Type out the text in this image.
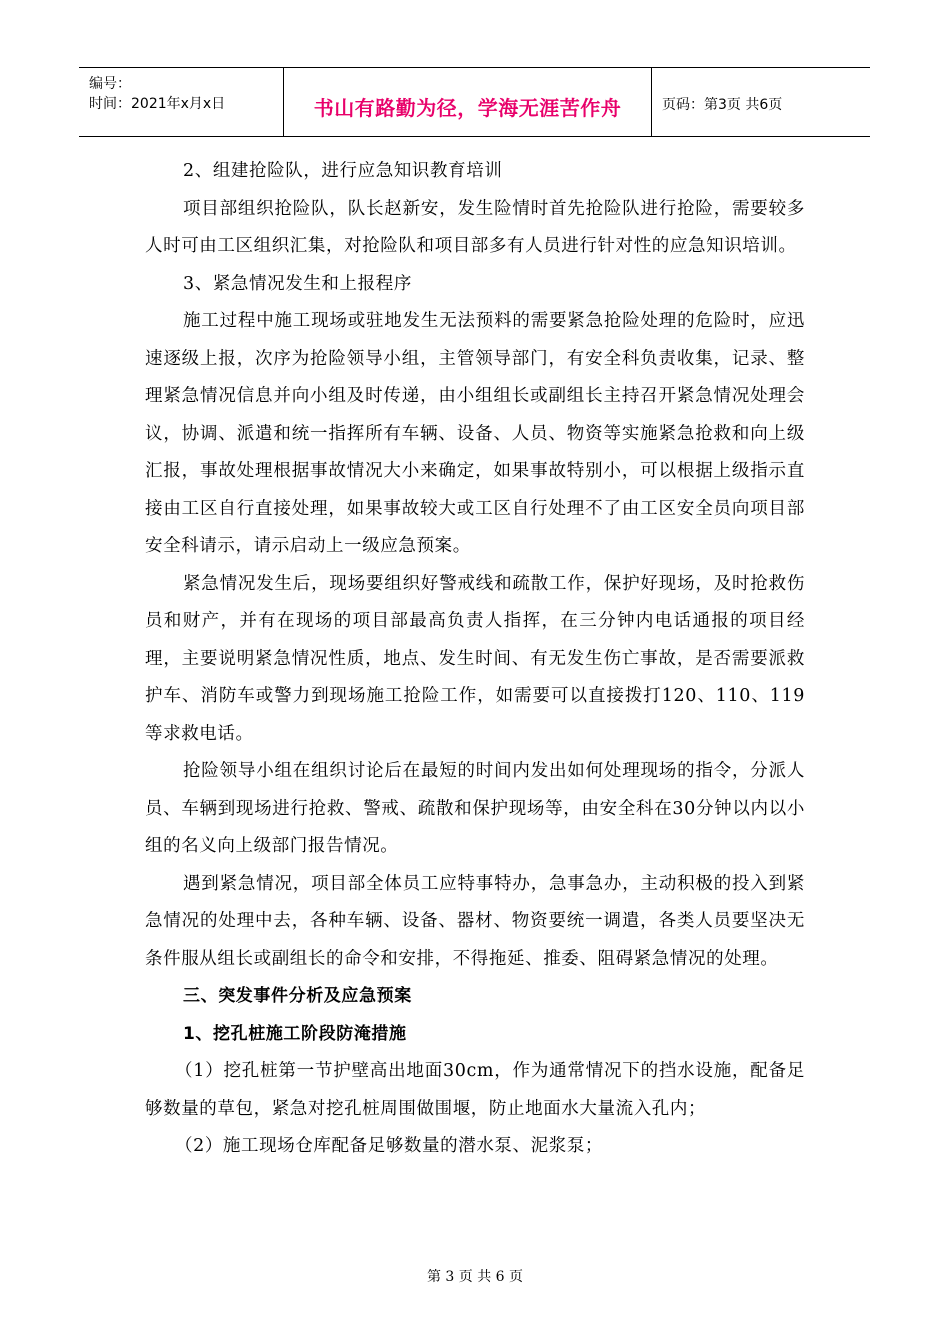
编号：
时间：2021年x月x日	书山有路勤为径，学海无涯苦作舟	页码：第3页 共6页

2、组建抢险队，进行应急知识教育培训

项目部组织抢险队，队长赵新安，发生险情时首先抢险队进行抢险，需要较多人时可由工区组织汇集，对抢险队和项目部多有人员进行针对性的应急知识培训。

3、紧急情况发生和上报程序

施工过程中施工现场或驻地发生无法预料的需要紧急抢险处理的危险时，应迅速逐级上报，次序为抢险领导小组，主管领导部门，有安全科负责收集，记录、整理紧急情况信息并向小组及时传递，由小组组长或副组长主持召开紧急情况处理会议，协调、派遣和统一指挥所有车辆、设备、人员、物资等实施紧急抢救和向上级汇报，事故处理根据事故情况大小来确定，如果事故特别小，可以根据上级指示直接由工区自行直接处理，如果事故较大或工区自行处理不了由工区安全员向项目部安全科请示，请示启动上一级应急预案。

紧急情况发生后，现场要组织好警戒线和疏散工作，保护好现场，及时抢救伤员和财产，并有在现场的项目部最高负责人指挥，在三分钟内电话通报的项目经理，主要说明紧急情况性质，地点、发生时间、有无发生伤亡事故，是否需要派救护车、消防车或警力到现场施工抢险工作，如需要可以直接拨打120、110、119等求救电话。

抢险领导小组在组织讨论后在最短的时间内发出如何处理现场的指令，分派人员、车辆到现场进行抢救、警戒、疏散和保护现场等，由安全科在30分钟以内以小组的名义向上级部门报告情况。

遇到紧急情况，项目部全体员工应特事特办，急事急办，主动积极的投入到紧急情况的处理中去，各种车辆、设备、器材、物资要统一调遣，各类人员要坚决无条件服从组长或副组长的命令和安排，不得拖延、推委、阻碍紧急情况的处理。

三、突发事件分析及应急预案

1、挖孔桩施工阶段防淹措施

（1）挖孔桩第一节护壁高出地面30cm，作为通常情况下的挡水设施，配备足够数量的草包，紧急对挖孔桩周围做围堰，防止地面水大量流入孔内；

（2）施工现场仓库配备足够数量的潜水泵、泥浆泵；

第 3 页 共 6 页
